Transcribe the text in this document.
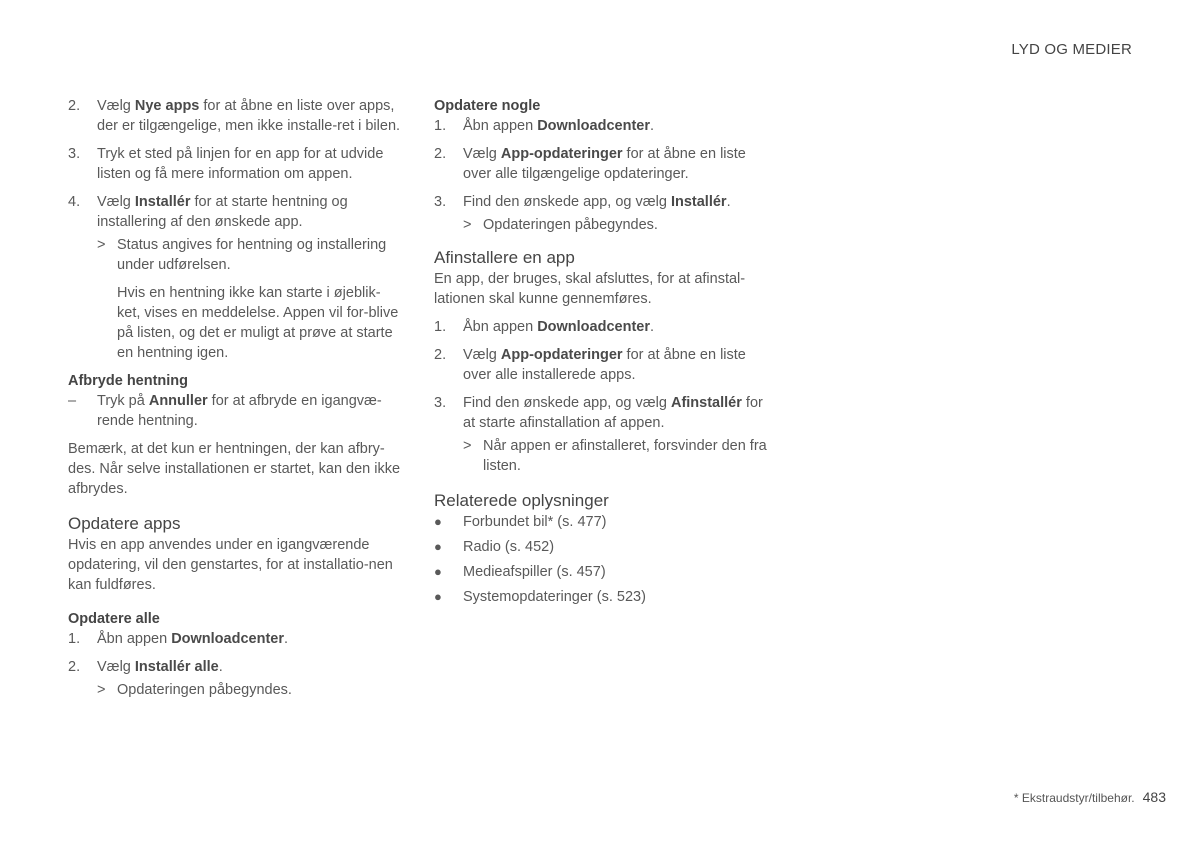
LYD OG MEDIER
2. Vælg Nye apps for at åbne en liste over apps, der er tilgængelige, men ikke installe-ret i bilen.
3. Tryk et sted på linjen for en app for at udvide listen og få mere information om appen.
4. Vælg Installér for at starte hentning og installering af den ønskede app.
> Status angives for hentning og installering under udførelsen.

Hvis en hentning ikke kan starte i øjeblik-ket, vises en meddelelse. Appen vil for-blive på listen, og det er muligt at prøve at starte en hentning igen.

Afbryde hentning

– Tryk på Annuller for at afbryde en igangvæ-rende hentning.

Bemærk, at det kun er hentningen, der kan afbry-des. Når selve installationen er startet, kan den ikke afbrydes.

Opdatere apps

Hvis en app anvendes under en igangværende opdatering, vil den genstartes, for at installatio-nen kan fuldføres.

Opdatere alle

1. Åbn appen Downloadcenter.
2. Vælg Installér alle.
> Opdateringen påbegyndes.

Opdatere nogle

1. Åbn appen Downloadcenter.
2. Vælg App-opdateringer for at åbne en liste over alle tilgængelige opdateringer.
3. Find den ønskede app, og vælg Installér.
> Opdateringen påbegyndes.

Afinstallere en app

En app, der bruges, skal afsluttes, for at afinstal-lationen skal kunne gennemføres.

1. Åbn appen Downloadcenter.
2. Vælg App-opdateringer for at åbne en liste over alle installerede apps.
3. Find den ønskede app, og vælg Afinstallér for at starte afinstallation af appen.
> Når appen er afinstalleret, forsvinder den fra listen.

Relaterede oplysninger

● Forbundet bil* (s. 477)
● Radio (s. 452)
● Medieafspiller (s. 457)
● Systemopdateringer (s. 523)
* Ekstraudstyr/tilbehør. 483
